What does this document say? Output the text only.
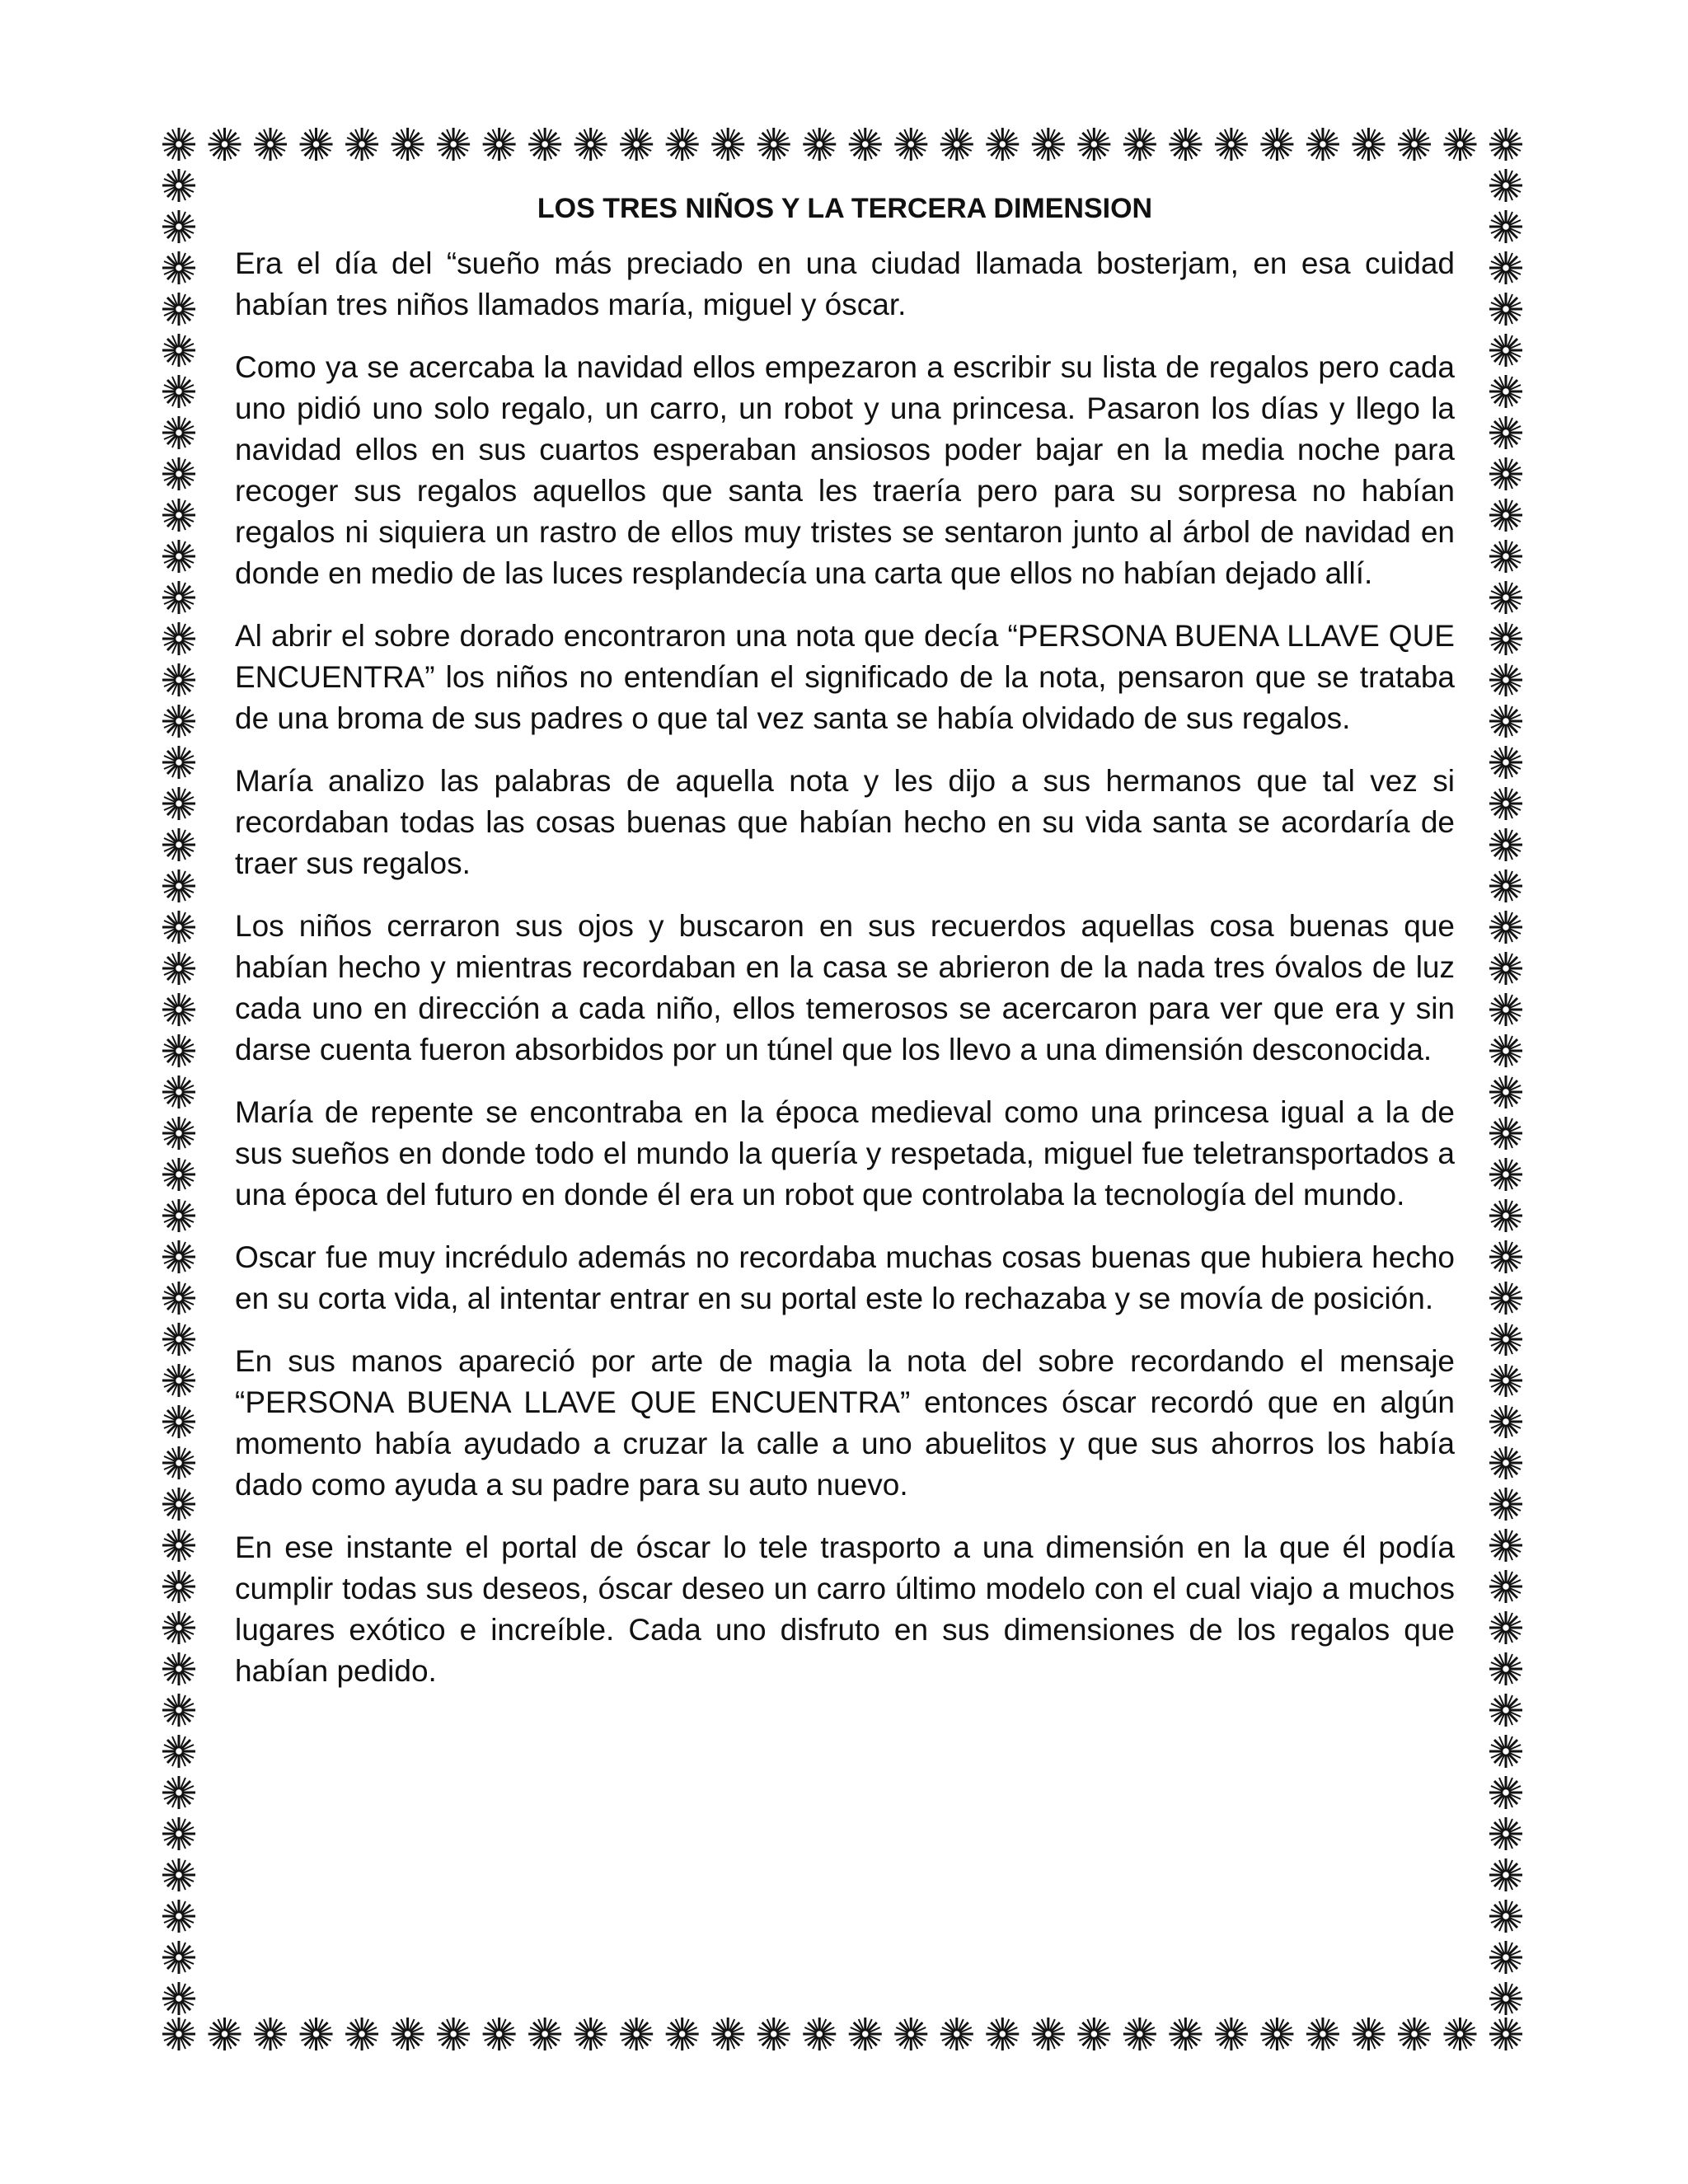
LOS TRES NIÑOS Y LA TERCERA DIMENSION

Era el día del “sueño más preciado en una ciudad llamada bosterjam, en esa cuidad habían tres niños llamados maría, miguel y óscar.

Como ya se acercaba la navidad ellos empezaron a escribir su lista de regalos pero cada uno pidió uno solo regalo, un carro, un robot y una princesa. Pasaron los días y llego la navidad ellos en sus cuartos esperaban ansiosos poder bajar en la media noche para recoger sus regalos aquellos que santa les traería pero para su sorpresa no habían regalos ni siquiera un rastro de ellos muy tristes se sentaron junto al árbol de navidad en donde en medio de las luces resplandecía una carta que ellos no habían dejado allí.

Al abrir el sobre dorado encontraron una nota que decía “PERSONA BUENA LLAVE QUE ENCUENTRA” los niños no entendían el significado de la nota, pensaron que se trataba de una broma de sus padres o que tal vez santa se había olvidado de sus regalos.

María analizo las palabras de aquella nota y les dijo a sus hermanos que tal vez si recordaban todas las cosas buenas que habían hecho en su vida santa se acordaría de traer sus regalos.

Los niños cerraron sus ojos y buscaron en sus recuerdos aquellas cosa buenas que habían hecho y mientras recordaban en la casa se abrieron de la nada tres óvalos de luz cada uno en dirección a cada niño, ellos temerosos se acercaron para ver que era y sin darse cuenta fueron absorbidos por un túnel que los llevo a una dimensión desconocida.

María de repente se encontraba en la época medieval como una princesa igual a la de sus sueños en donde todo el mundo la quería y respetada, miguel fue teletransportados a una época del futuro en donde él era un robot que controlaba la tecnología del mundo.

Oscar fue muy incrédulo además no recordaba muchas cosas buenas que hubiera hecho en su corta vida, al intentar entrar en su portal este lo rechazaba y se movía de posición.

En sus manos apareció por arte de magia la nota del sobre recordando el mensaje “PERSONA BUENA LLAVE QUE ENCUENTRA” entonces óscar recordó que en algún momento había ayudado a cruzar la calle a uno abuelitos y que sus ahorros los había dado como ayuda a su padre para su auto nuevo.

En ese instante el portal de óscar lo tele trasporto a una dimensión en la que él podía cumplir todas sus deseos, óscar deseo un carro último modelo con el cual viajo a muchos lugares exótico e increíble. Cada uno disfruto en sus dimensiones de los regalos que habían pedido.
